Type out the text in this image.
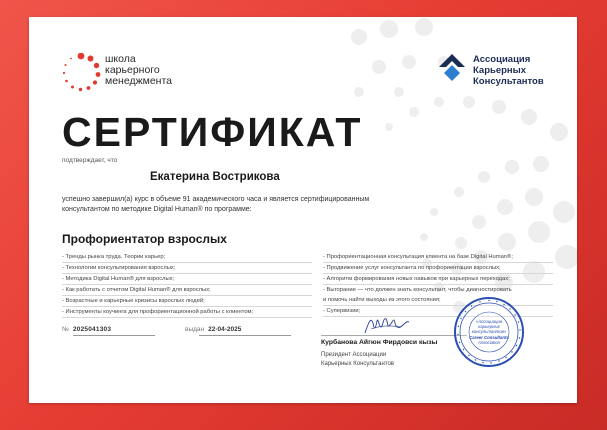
школа
карьерного
менеджмента
Ассоциация
Карьерных
Консультантов
СЕРТИФИКАТ
подтверждает, что
Екатерина Вострикова
успешно завершил(а) курс в объеме 91 академического часа и является сертифицированным консультантом по методике Digital Human® по программе:
Профориентатор взрослых
- Тренды рынка труда. Теории карьер;
- Технологии консультирования взрослых;
- Методика Digital Human® для взрослых;
- Как работать с отчетом Digital Human® для взрослых;
- Возрастные и карьерные кризисы взрослых людей;
- Инструменты коучинга для профориентационной работы с клиентом;
- Профориентационная консультация клиента на базе Digital Human®;
- Продвижение услуг консультанта по профориентации взрослых;
- Алгоритм формирования новых навыков при карьерных переходах;
- Выгорание — что должен знать консультант, чтобы диагностировать
и помочь найти выходы из этого состояния;
- Супервизии;
№ 2025041303	выдан 22-04-2025
Курбанова Айгюн Фирдовси кызы
Президент Ассоциации
Карьерных Консультантов
«Ассоциация
карьерных
консультантов»
Career Consultants
Association
